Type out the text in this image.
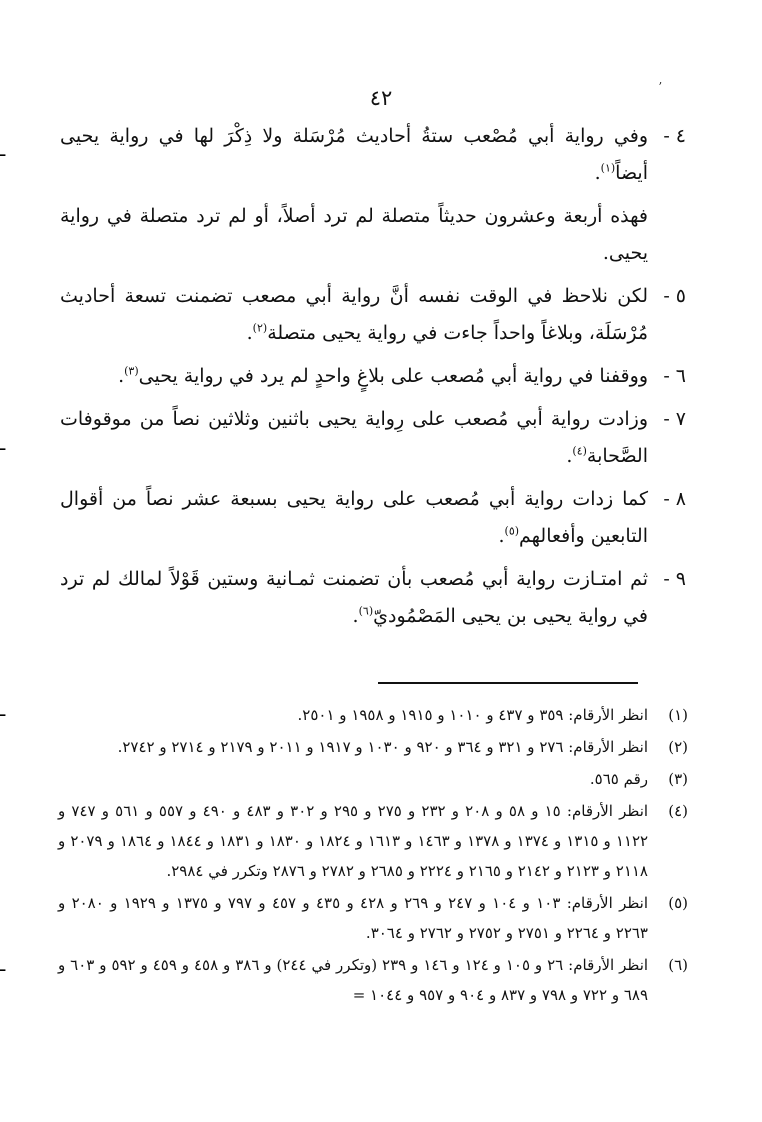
٤٢	ʼ
ـ
ـ
ـ
ـ
٤ -
وفي رواية أبي مُصْعب ستةُ أحاديث مُرْسَلة ولا ذِكْرَ لها في رواية يحيى أيضاً$^{(١)}$.
فهذه أربعة وعشرون حديثاً متصلة لم ترد أصلاً، أو لم ترد متصلة في رواية يحيى.
٥ -
لكن نلاحظ في الوقت نفسه أنَّ رواية أبي مصعب تضمنت تسعة أحاديث مُرْسَلَة، وبلاغاً واحداً جاءت في رواية يحيى متصلة$^{(٢)}$.
٦ -
ووقفنا في رواية أبي مُصعب على بلاغٍ واحدٍ لم يرد في رواية يحيى$^{(٣)}$.
٧ -
وزادت رواية أبي مُصعب على رِواية يحيى باثنين وثلاثين نصاً من موقوفات الصَّحابة$^{(٤)}$.
٨ -
كما زدات رواية أبي مُصعب على رواية يحيى بسبعة عشر نصاً من أقوال التابعين وأفعالهم$^{(٥)}$.
٩ -
ثم امتـازت رواية أبي مُصعب بأن تضمنت ثمـانية وستين قَوْلاً لمالك لم ترد في رواية يحيى بن يحيى المَصْمُوديّ$^{(٦)}$.
(١)
انظر الأرقام: ٣٥٩ و ٤٣٧ و ١٠١٠ و ١٩١٥ و ١٩٥٨ و ٢٥٠١.
(٢)
انظر الأرقام: ٢٧٦ و ٣٢١ و ٣٦٤ و ٩٢٠ و ١٠٣٠ و ١٩١٧ و ٢٠١١ و ٢١٧٩ و ٢٧١٤ و ٢٧٤٢.
(٣)
رقم ٥٦٥.
(٤)
انظر الأرقام: ١٥ و ٥٨ و ٢٠٨ و ٢٣٢ و ٢٧٥ و ٢٩٥ و ٣٠٢ و ٤٨٣ و ٤٩٠ و ٥٥٧ و ٥٦١ و ٧٤٧ و ١١٢٢ و ١٣١٥ و ١٣٧٤ و ١٣٧٨ و ١٤٦٣ و ١٦١٣ و ١٨٢٤ و ١٨٣٠ و ١٨٣١ و ١٨٤٤ و ١٨٦٤ و ٢٠٧٩ و ٢١١٨ و ٢١٢٣ و ٢١٤٢ و ٢١٦٥ و ٢٢٢٤ و ٢٦٨٥ و ٢٧٨٢ و ٢٨٧٦ وتكرر في ٢٩٨٤.
(٥)
انظر الأرقام: ١٠٣ و ١٠٤ و ٢٤٧ و ٢٦٩ و ٤٢٨ و ٤٣٥ و ٤٥٧ و ٧٩٧ و ١٣٧٥ و ١٩٢٩ و ٢٠٨٠ و ٢٢٦٣ و ٢٢٦٤ و ٢٧٥١ و ٢٧٥٢ و ٢٧٦٢ و ٣٠٦٤.
(٦)
انظر الأرقام: ٢٦ و ١٠٥ و ١٢٤ و ١٤٦ و ٢٣٩ (وتكرر في ٢٤٤) و ٣٨٦ و ٤٥٨ و ٤٥٩ و ٥٩٢ و ٦٠٣ و ٦٨٩ و ٧٢٢ و ٧٩٨ و ٨٣٧ و ٩٠٤ و ٩٥٧ و ١٠٤٤ =
